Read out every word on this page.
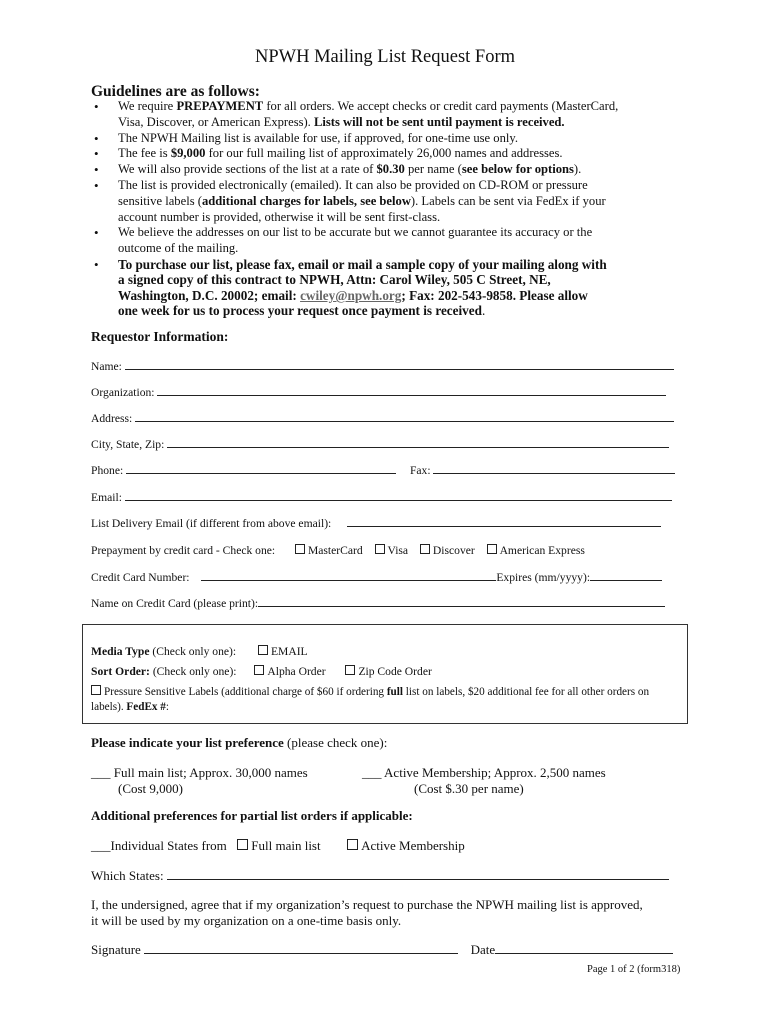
NPWH Mailing List Request Form
Guidelines are as follows:
• We require PREPAYMENT for all orders. We accept checks or credit card payments (MasterCard,
Visa, Discover, or American Express). Lists will not be sent until payment is received.
• The NPWH Mailing list is available for use, if approved, for one-time use only.
• The fee is $9,000 for our full mailing list of approximately 26,000 names and addresses.
• We will also provide sections of the list at a rate of $0.30 per name (see below for options).
• The list is provided electronically (emailed). It can also be provided on CD-ROM or pressure
sensitive labels (additional charges for labels, see below). Labels can be sent via FedEx if your
account number is provided, otherwise it will be sent first-class.
• We believe the addresses on our list to be accurate but we cannot guarantee its accuracy or the
outcome of the mailing.
• To purchase our list, please fax, email or mail a sample copy of your mailing along with
a signed copy of this contract to NPWH, Attn: Carol Wiley, 505 C Street, NE,
Washington, D.C. 20002; email: cwiley@npwh.org; Fax: 202-543-9858. Please allow
one week for us to process your request once payment is received.
Requestor Information:
Name:
Organization:
Address:
City, State, Zip:
Phone:	Fax:
Email:
List Delivery Email (if different from above email):
Prepayment by credit card - Check one:	MasterCard Visa Discover American Express
Credit Card Number:	Expires (mm/yyyy):
Name on Credit Card (please print):
Media Type (Check only one):	EMAIL
Sort Order: (Check only one):	Alpha Order	Zip Code Order
Pressure Sensitive Labels (additional charge of $60 if ordering full list on labels, $20 additional fee for all other orders on labels). FedEx #:
Please indicate your list preference (please check one):
___ Full main list; Approx. 30,000 names
(Cost 9,000)
___ Active Membership; Approx. 2,500 names
(Cost $.30 per name)
Additional preferences for partial list orders if applicable:
___Individual States from Full main list	Active Membership
Which States:
I, the undersigned, agree that if my organization’s request to purchase the NPWH mailing list is approved,
it will be used by my organization on a one-time basis only.
Signature	Date
Page 1 of 2 (form318)
